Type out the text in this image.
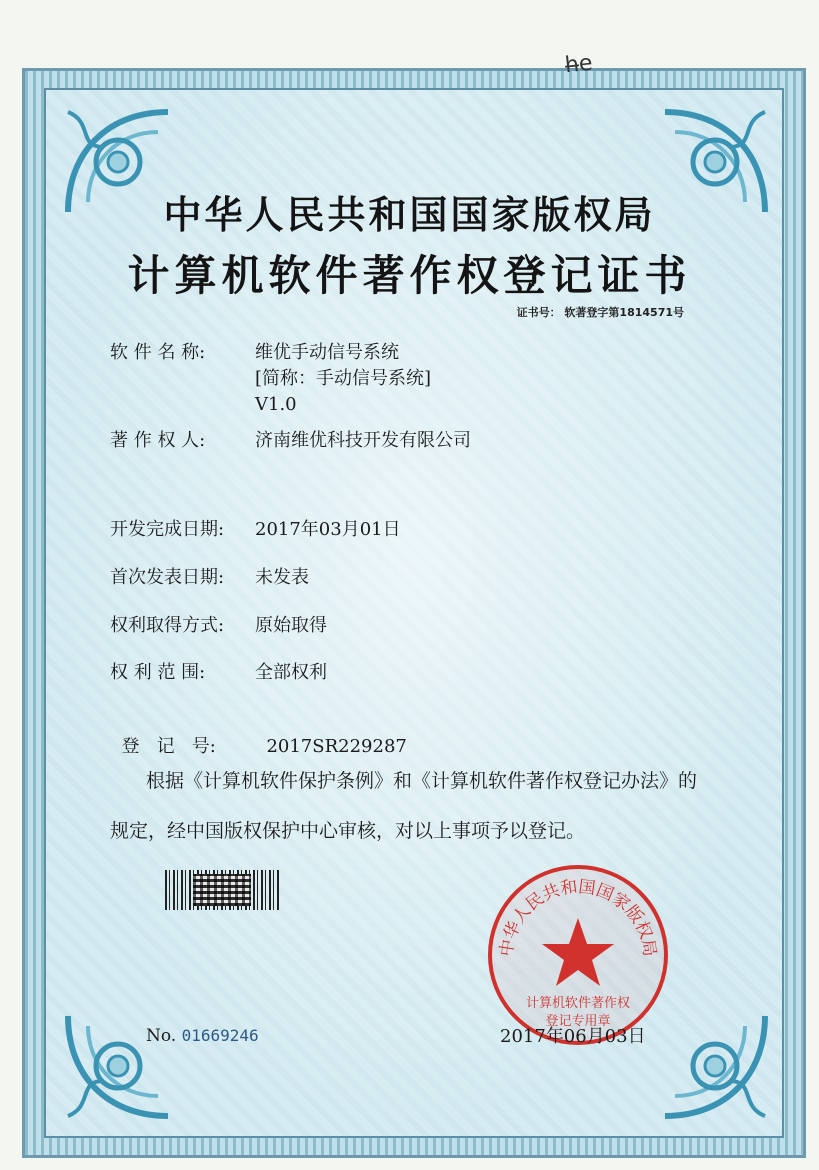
h̶e
中华人民共和国国家版权局
计算机软件著作权登记证书
证书号： 软著登字第1814571号
软 件 名 称:	维优手动信号系统
[简称：手动信号系统]
V1.0
著 作 权 人:	济南维优科技开发有限公司
开发完成日期: 2017年03月01日
首次发表日期: 未发表
权利取得方式: 原始取得
权 利 范 围:	全部权利

登   记   号:	2017SR229287

根据《计算机软件保护条例》和《计算机软件著作权登记办法》的
规定，经中国版权保护中心审核，对以上事项予以登记。
No. 01669246
中华人民共和国国家版权局
计算机软件著作权
登记专用章
2017年06月03日
